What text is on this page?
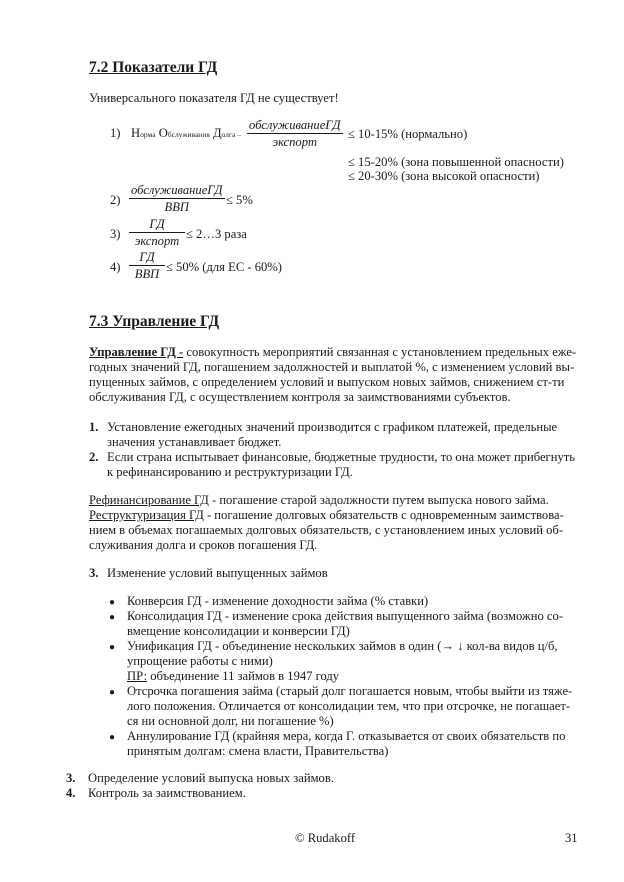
7.2 Показатели ГД
Универсального показателя ГД не существует!
1) Норма Обслуживания Долга –
обслуживаниеГД
экспорт
≤ 10-15% (нормально)
≤ 15-20% (зона повышенной опасности)
≤ 20-30% (зона высокой опасности)
2)
обслуживаниеГД
ВВП	≤ 5%
3)
ГД
экспорт ≤ 2…3 раза
4)
ГД
ВВП ≤ 50% (для ЕС - 60%)
7.3 Управление ГД
Управление ГД - совокупность мероприятий связанная с установлением предельных еже-
годных значений ГД, погашением задолжностей и выплатой %, с изменением условий вы-
пущенных займов, с определением условий и выпуском новых займов, снижением ст-ти
обслуживания ГД, с осуществлением контроля за заимствованиями субъектов.
1. Установление ежегодных значений производится с графиком платежей, предельные
значения устанавливает бюджет.
2. Если страна испытывает финансовые, бюджетные трудности, то она может прибегнуть
к рефинансированию и реструктуризации ГД.
Рефинансирование ГД - погашение старой задолжности путем выпуска нового займа.
Реструктуризация ГД - погашение долговых обязательств с одновременным заимствова-
нием в объемах погашаемых долговых обязательств, с установлением иных условий об-
служивания долга и сроков погашения ГД.
3. Изменение условий выпущенных займов
● Конверсия ГД - изменение доходности займа (% ставки)
● Консолидация ГД - изменение срока действия выпущенного займа (возможно со-
вмещение консолидации и конверсии ГД)
● Унификация ГД - объединение нескольких займов в один (→ ↓ кол-ва видов ц/б,
упрощение работы с ними)
ПР: объединение 11 займов в 1947 году
● Отсрочка погашения займа (старый долг погашается новым, чтобы выйти из тяже-
лого положения. Отличается от консолидации тем, что при отсрочке, не погашает-
ся ни основной долг, ни погашение %)
● Аннулирование ГД (крайняя мера, когда Г. отказывается от своих обязательств по
принятым долгам: смена власти, Правительства)
3. Определение условий выпуска новых займов.
4. Контроль за заимствованием.
© Rudakoff	31
